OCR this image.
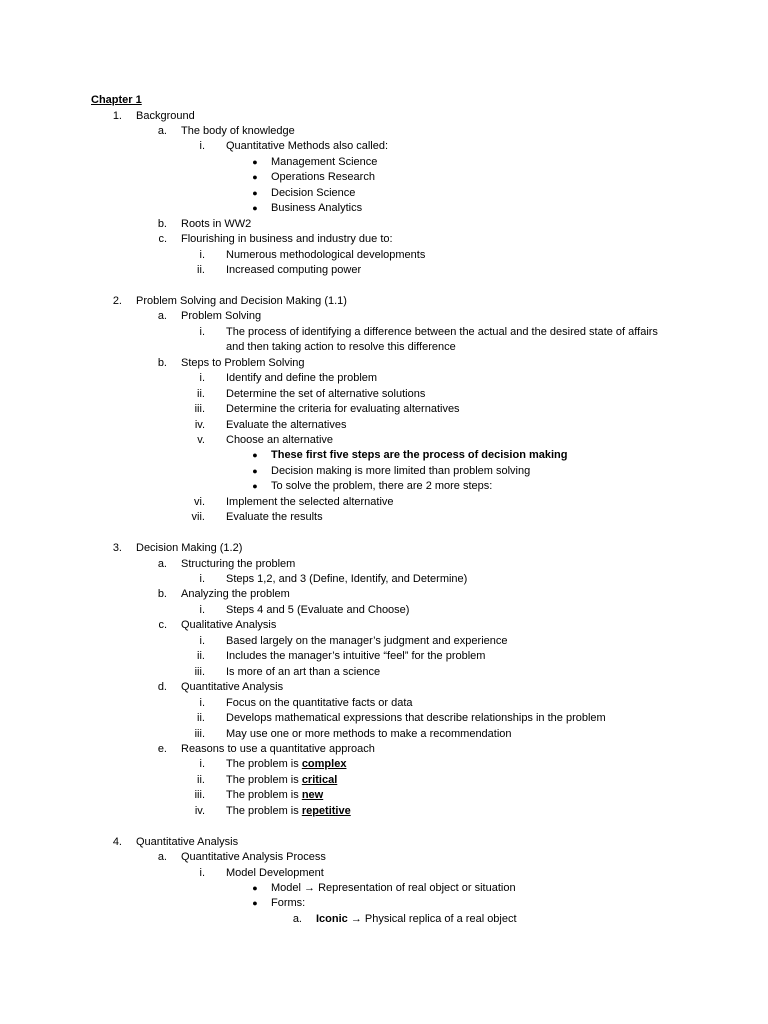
Chapter 1
1. Background
a. The body of knowledge
i. Quantitative Methods also called:
●	Management Science
●	Operations Research
●	Decision Science
●	Business Analytics
b. Roots in WW2
c. Flourishing in business and industry due to:
i. Numerous methodological developments
ii. Increased computing power
2. Problem Solving and Decision Making (1.1)
a. Problem Solving
i. The process of identifying a difference between the actual and the desired state of affairs
and then taking action to resolve this difference
b. Steps to Problem Solving
i. Identify and define the problem
ii. Determine the set of alternative solutions
iii. Determine the criteria for evaluating alternatives
iv. Evaluate the alternatives
v. Choose an alternative
●	These first five steps are the process of decision making
●	Decision making is more limited than problem solving
●	To solve the problem, there are 2 more steps:
vi. Implement the selected alternative
vii. Evaluate the results
3. Decision Making (1.2)
a. Structuring the problem
i. Steps 1,2, and 3 (Define, Identify, and Determine)
b. Analyzing the problem
i. Steps 4 and 5 (Evaluate and Choose)
c. Qualitative Analysis
i. Based largely on the manager’s judgment and experience
ii. Includes the manager’s intuitive “feel” for the problem
iii. Is more of an art than a science
d. Quantitative Analysis
i. Focus on the quantitative facts or data
ii. Develops mathematical expressions that describe relationships in the problem
iii. May use one or more methods to make a recommendation
e. Reasons to use a quantitative approach
i. The problem is complex
ii. The problem is critical
iii. The problem is new
iv. The problem is repetitive
4. Quantitative Analysis
a. Quantitative Analysis Process
i. Model Development
●	Model → Representation of real object or situation
●	Forms:
a. Iconic → Physical replica of a real object
